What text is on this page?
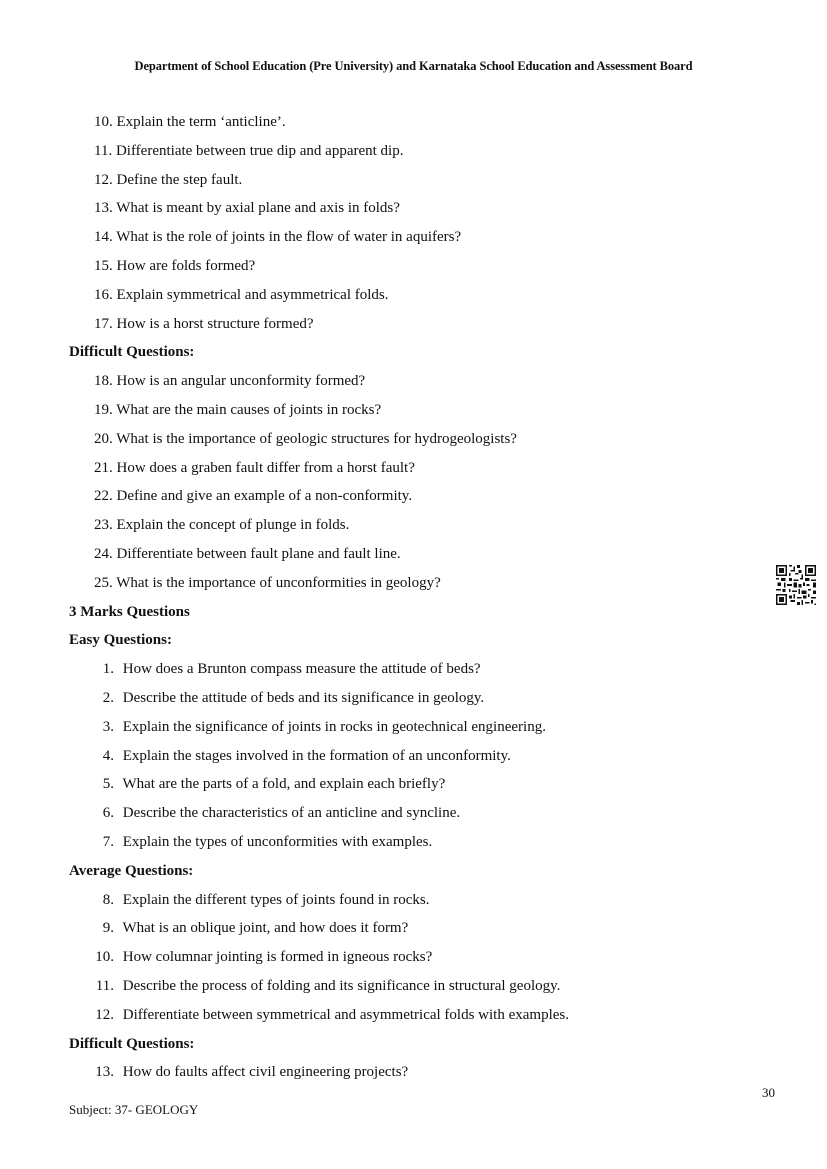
Department of School Education (Pre University) and Karnataka School Education and Assessment Board
10. Explain the term ‘anticline’.
11. Differentiate between true dip and apparent dip.
12. Define the step fault.
13. What is meant by axial plane and axis in folds?
14. What is the role of joints in the flow of water in aquifers?
15. How are folds formed?
16. Explain symmetrical and asymmetrical folds.
17. How is a horst structure formed?
Difficult Questions:
18. How is an angular unconformity formed?
19. What are the main causes of joints in rocks?
20. What is the importance of geologic structures for hydrogeologists?
21. How does a graben fault differ from a horst fault?
22. Define and give an example of a non-conformity.
23. Explain the concept of plunge in folds.
24. Differentiate between fault plane and fault line.
25. What is the importance of unconformities in geology?
3 Marks Questions
Easy Questions:
1. How does a Brunton compass measure the attitude of beds?
2. Describe the attitude of beds and its significance in geology.
3. Explain the significance of joints in rocks in geotechnical engineering.
4. Explain the stages involved in the formation of an unconformity.
5. What are the parts of a fold, and explain each briefly?
6. Describe the characteristics of an anticline and syncline.
7. Explain the types of unconformities with examples.
Average Questions:
8. Explain the different types of joints found in rocks.
9. What is an oblique joint, and how does it form?
10. How columnar jointing is formed in igneous rocks?
11. Describe the process of folding and its significance in structural geology.
12. Differentiate between symmetrical and asymmetrical folds with examples.
Difficult Questions:
13. How do faults affect civil engineering projects?
30
Subject: 37- GEOLOGY
